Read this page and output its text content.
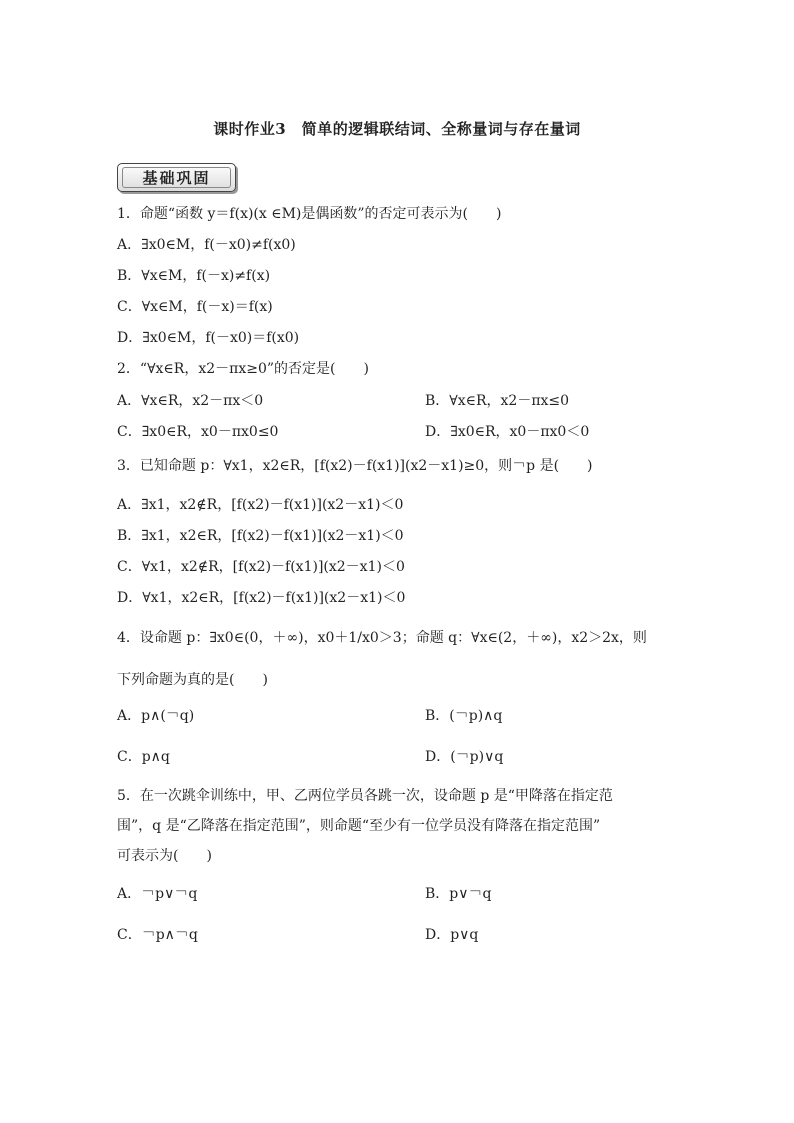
课时作业3　简单的逻辑联结词、全称量词与存在量词
基础巩固
1．命题“函数 y＝f(x)(x ∈M)是偶函数”的否定可表示为(　　)
A．∃x0∈M，f(－x0)≠f(x0)
B．∀x∈M，f(－x)≠f(x)
C．∀x∈M，f(－x)＝f(x)
D．∃x0∈M，f(－x0)＝f(x0)
2．“∀x∈R，x2－πx≥0”的否定是(　　)
A．∀x∈R，x2－πx＜0	B．∀x∈R，x2－πx≤0
C．∃x0∈R，x0－πx0≤0	D．∃x0∈R，x0－πx0＜0
3．已知命题 p：∀x1，x2∈R，[f(x2)－f(x1)](x2－x1)≥0，则￢p 是(　　)
A．∃x1，x2∉R，[f(x2)－f(x1)](x2－x1)＜0
B．∃x1，x2∈R，[f(x2)－f(x1)](x2－x1)＜0
C．∀x1，x2∉R，[f(x2)－f(x1)](x2－x1)＜0
D．∀x1，x2∈R，[f(x2)－f(x1)](x2－x1)＜0
4．设命题 p：∃x0∈(0，＋∞)，x0＋1/x0＞3；命题 q：∀x∈(2，＋∞)，x2＞2x，则
下列命题为真的是(　　)
A．p∧(￢q)	B．(￢p)∧q
C．p∧q	D．(￢p)∨q
5．在一次跳伞训练中，甲、乙两位学员各跳一次，设命题 p 是“甲降落在指定范
围”，q 是“乙降落在指定范围”，则命题“至少有一位学员没有降落在指定范围”
可表示为(　　)
A．￢p∨￢q	B．p∨￢q
C．￢p∧￢q	D．p∨q
